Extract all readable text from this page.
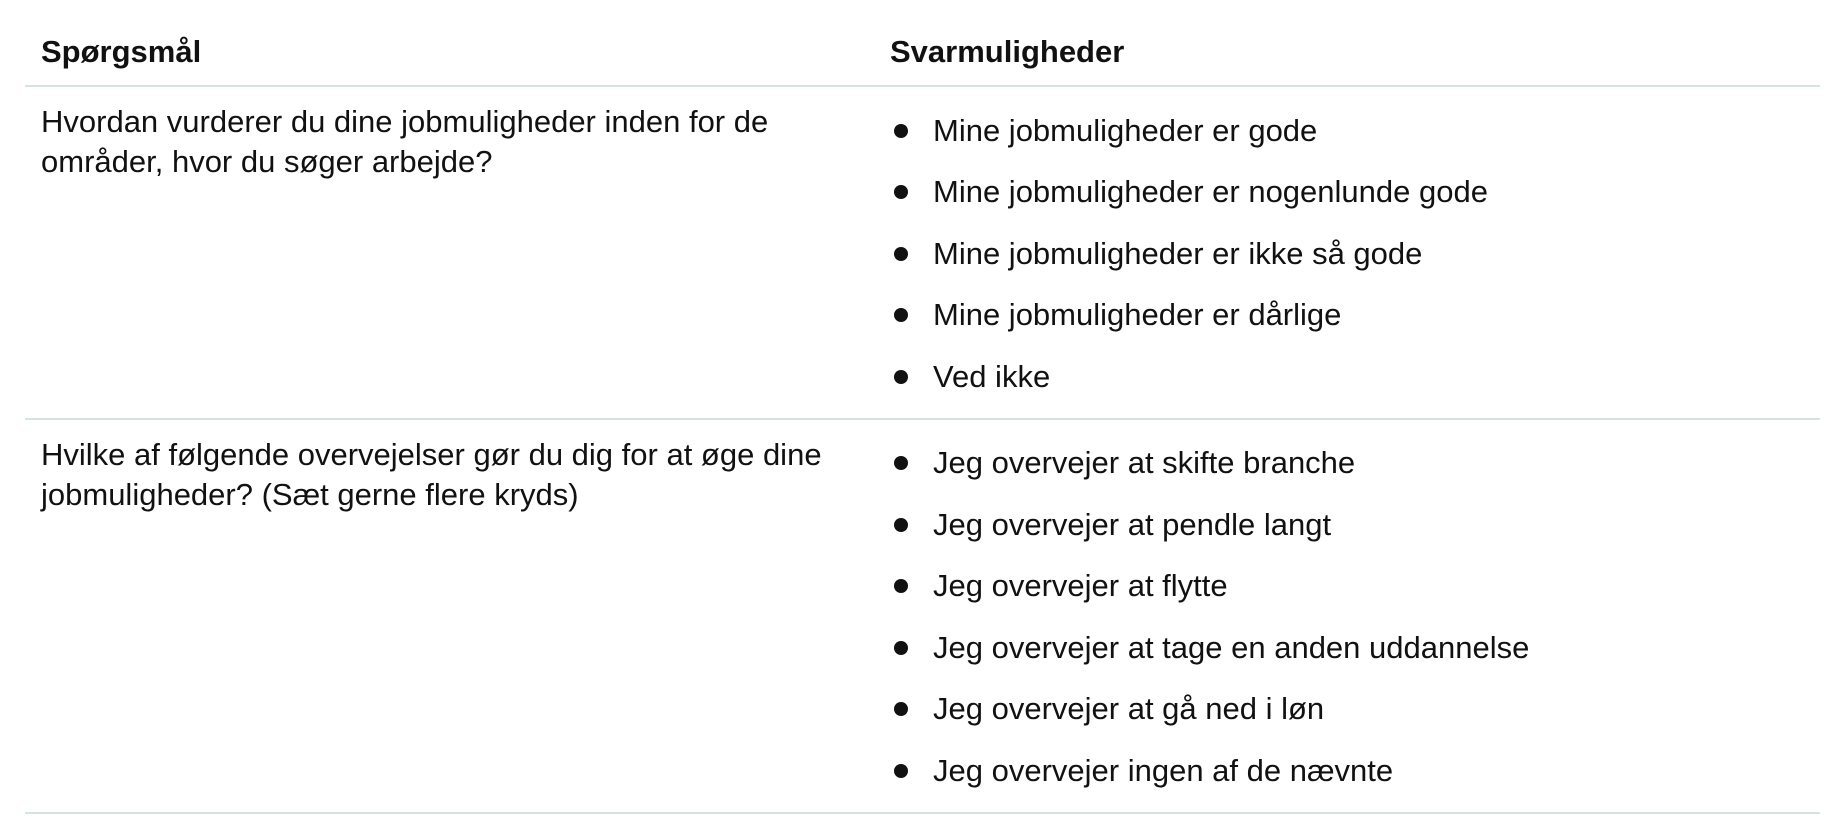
Spørgsmål	Svarmuligheder
Hvordan vurderer du dine jobmuligheder inden for de områder, hvor du søger arbejde?
Mine jobmuligheder er gode
Mine jobmuligheder er nogenlunde gode
Mine jobmuligheder er ikke så gode
Mine jobmuligheder er dårlige
Ved ikke
Hvilke af følgende overvejelser gør du dig for at øge dine jobmuligheder? (Sæt gerne flere kryds)
Jeg overvejer at skifte branche
Jeg overvejer at pendle langt
Jeg overvejer at flytte
Jeg overvejer at tage en anden uddannelse
Jeg overvejer at gå ned i løn
Jeg overvejer ingen af de nævnte
